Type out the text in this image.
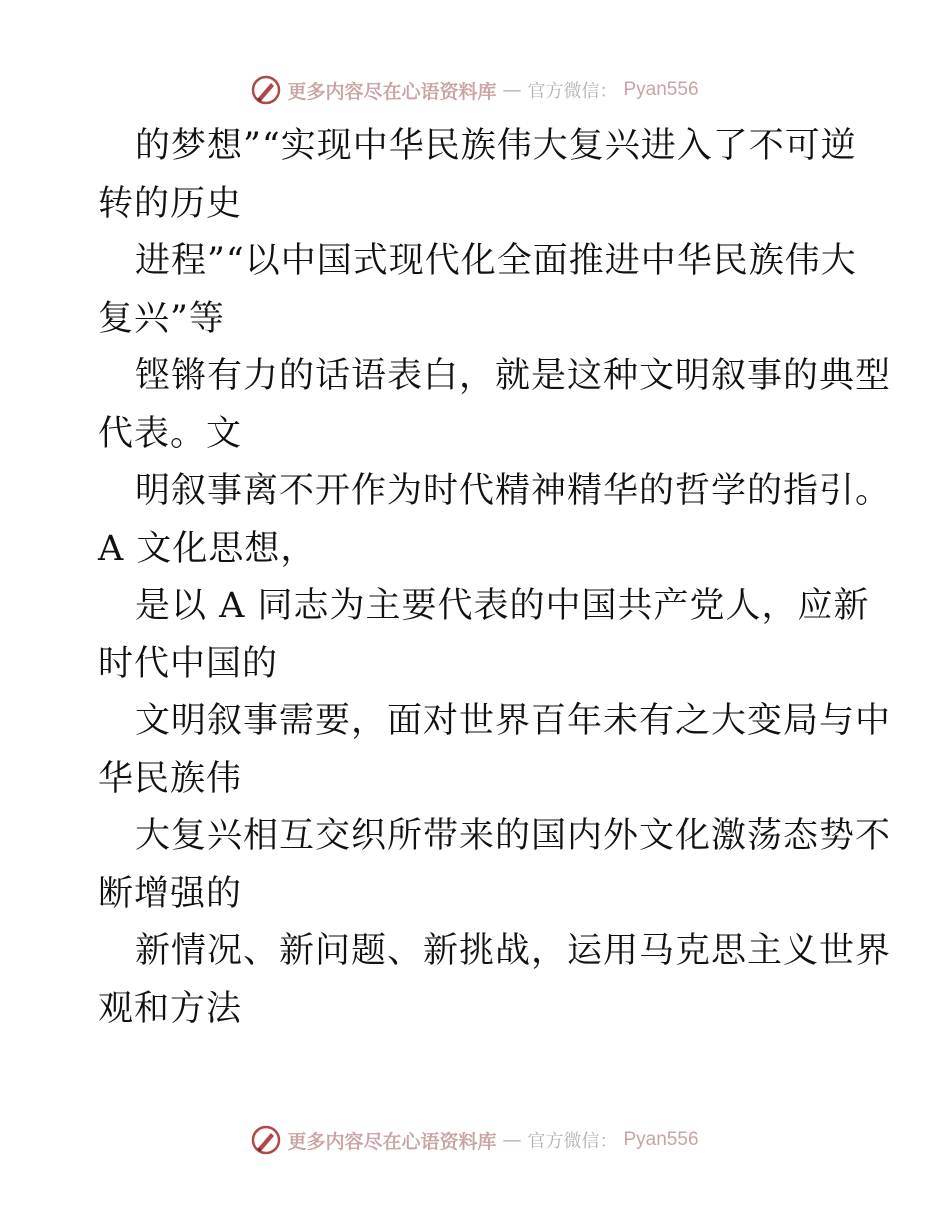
更多内容尽在心语资料库 — 官方微信： Pyan556
的梦想”“实现中华民族伟大复兴进入了不可逆
转的历史
进程”“以中国式现代化全面推进中华民族伟大
复兴”等
铿锵有力的话语表白，就是这种文明叙事的典型
代表。文
明叙事离不开作为时代精神精华的哲学的指引。
A 文化思想，
是以 A 同志为主要代表的中国共产党人，应新
时代中国的
文明叙事需要，面对世界百年未有之大变局与中
华民族伟
大复兴相互交织所带来的国内外文化激荡态势不
断增强的
新情况、新问题、新挑战，运用马克思主义世界
观和方法
更多内容尽在心语资料库 — 官方微信： Pyan556
